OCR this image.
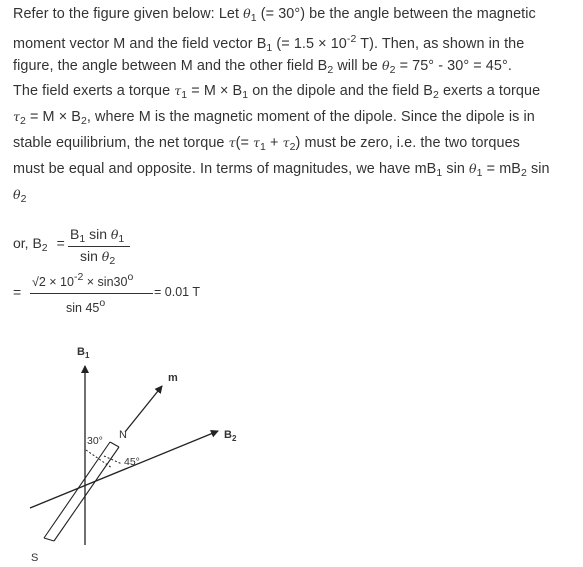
Refer to the figure given below: Let $\theta_1$ (= 30°) be the angle between the magnetic
moment vector M and the field vector $B_1$ (= $1.5 \times 10^{-2}$ T). Then, as shown in the
figure, the angle between M and the other field $B_2$ will be $\theta_2 = 75^\circ - 30^\circ = 45^\circ$.
The field exerts a torque $\tau_1 = M \times B_1$ on the dipole and the field $B_2$ exerts a torque
$\tau_2 = M \times B_2$, where M is the magnetic moment of the dipole. Since the dipole is in
stable equilibrium, the net torque $\tau(= \tau_1 + \tau_2)$ must be zero, i.e. the two torques
must be equal and opposite. In terms of magnitudes, we have $mB_1$ $\sin \theta_1 = mB_2$ sin
$\theta_2$
or, $B_2$ =
$B_1$ $\sin \theta_1$
$\sin \theta_2$
=
$√2 \times 10^{-2} \times \sin 30^o$
$\sin 45^o$
= 0.01 T
$B_1$
$B_2$
m
N
S
30°
45°
